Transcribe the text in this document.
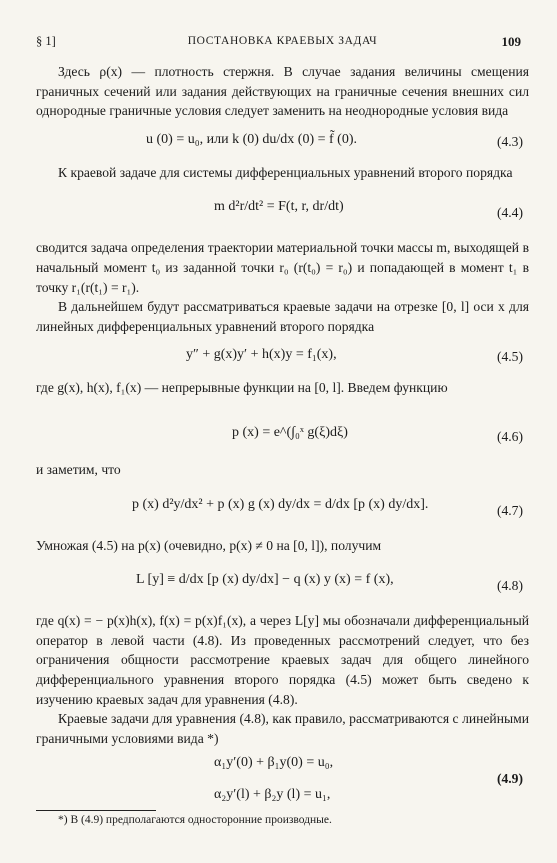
§ 1]	ПОСТАНОВКА КРАЕВЫХ ЗАДАЧ	109

Здесь ρ(x) — плотность стержня. В случае задания величины смещения граничных сечений или задания действующих на граничные сечения внешних сил однородные граничные условия следует заменить на неоднородные условия вида

u (0) = u₀, или k (0) du/dx (0) = f̃ (0).	(4.3)

К краевой задаче для системы дифференциальных уравнений второго порядка

m d²r/dt² = F(t, r, dr/dt)	(4.4)

сводится задача определения траектории материальной точки массы m, выходящей в начальный момент t₀ из заданной точки r₀ (r(t₀) = r₀) и попадающей в момент t₁ в точку r₁(r(t₁) = r₁).

В дальнейшем будут рассматриваться краевые задачи на отрезке [0, l] оси x для линейных дифференциальных уравнений второго порядка

y″ + g(x)y′ + h(x)y = f₁(x),	(4.5)

где g(x), h(x), f₁(x) — непрерывные функции на [0, l]. Введем функцию

p (x) = e^(∫₀ˣ g(ξ)dξ)	(4.6)

и заметим, что

p (x) d²y/dx² + p (x) g (x) dy/dx = d/dx [p (x) dy/dx].	(4.7)

Умножая (4.5) на p(x) (очевидно, p(x) ≠ 0 на [0, l]), получим

L [y] ≡ d/dx [p (x) dy/dx] − q (x) y (x) = f (x),	(4.8)

где q(x) = − p(x)h(x), f(x) = p(x)f₁(x), а через L[y] мы обозначали дифференциальный оператор в левой части (4.8). Из проведенных рассмотрений следует, что без ограничения общности рассмотрение краевых задач для общего линейного дифференциального уравнения второго порядка (4.5) может быть сведено к изучению краевых задач для уравнения (4.8).

Краевые задачи для уравнения (4.8), как правило, рассматриваются с линейными граничными условиями вида *)

α₁y′(0) + β₁y(0) = u₀,
α₂y′(l) + β₂y (l) = u₁,
(4.9)
*) В (4.9) предполагаются односторонние производные.
